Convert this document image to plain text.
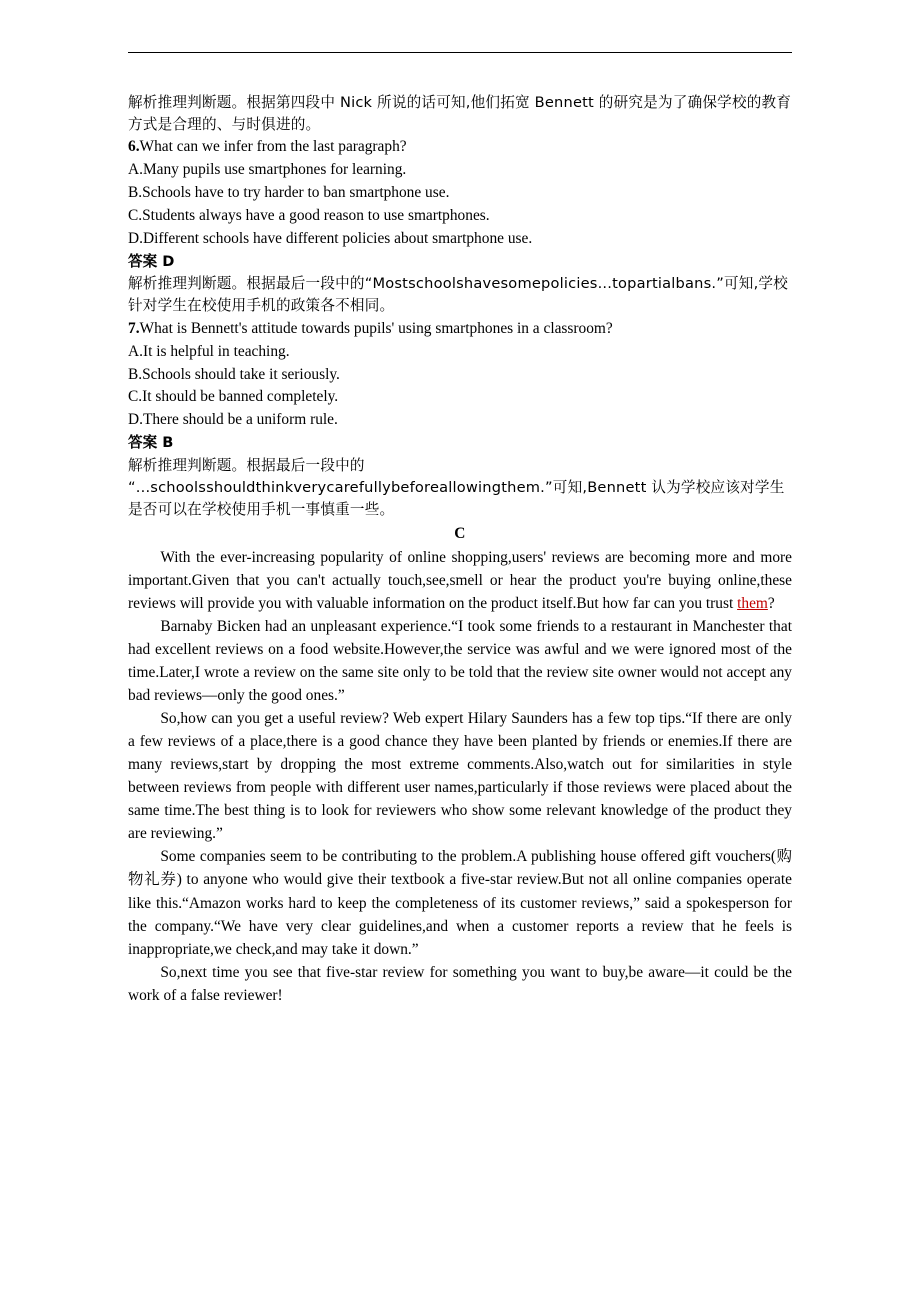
解析推理判断题。根据第四段中 Nick 所说的话可知,他们拓宽 Bennett 的研究是为了确保学校的教育方式是合理的、与时俱进的。
6.What can we infer from the last paragraph?
A.Many pupils use smartphones for learning.
B.Schools have to try harder to ban smartphone use.
C.Students always have a good reason to use smartphones.
D.Different schools have different policies about smartphone use.
答案 D
解析推理判断题。根据最后一段中的“Mostschoolshavesomepolicies...topartialbans.”可知,学校针对学生在校使用手机的政策各不相同。
7.What is Bennett's attitude towards pupils' using smartphones in a classroom?
A.It is helpful in teaching.
B.Schools should take it seriously.
C.It should be banned completely.
D.There should be a uniform rule.
答案 B
解析推理判断题。根据最后一段中的
“...schoolsshouldthinkverycarefullybeforeallowingthem.”可知,Bennett 认为学校应该对学生是否可以在学校使用手机一事慎重一些。
C

With the ever-increasing popularity of online shopping,users' reviews are becoming more and more important.Given that you can't actually touch,see,smell or hear the product you're buying online,these reviews will provide you with valuable information on the product itself.But how far can you trust them?

Barnaby Bicken had an unpleasant experience.“I took some friends to a restaurant in Manchester that had excellent reviews on a food website.However,the service was awful and we were ignored most of the time.Later,I wrote a review on the same site only to be told that the review site owner would not accept any bad reviews—only the good ones.”

So,how can you get a useful review? Web expert Hilary Saunders has a few top tips.“If there are only a few reviews of a place,there is a good chance they have been planted by friends or enemies.If there are many reviews,start by dropping the most extreme comments.Also,watch out for similarities in style between reviews from people with different user names,particularly if those reviews were placed about the same time.The best thing is to look for reviewers who show some relevant knowledge of the product they are reviewing.”

Some companies seem to be contributing to the problem.A publishing house offered gift vouchers(购物礼券) to anyone who would give their textbook a five-star review.But not all online companies operate like this.“Amazon works hard to keep the completeness of its customer reviews,” said a spokesperson for the company.“We have very clear guidelines,and when a customer reports a review that he feels is inappropriate,we check,and may take it down.”

So,next time you see that five-star review for something you want to buy,be aware—it could be the work of a false reviewer!
